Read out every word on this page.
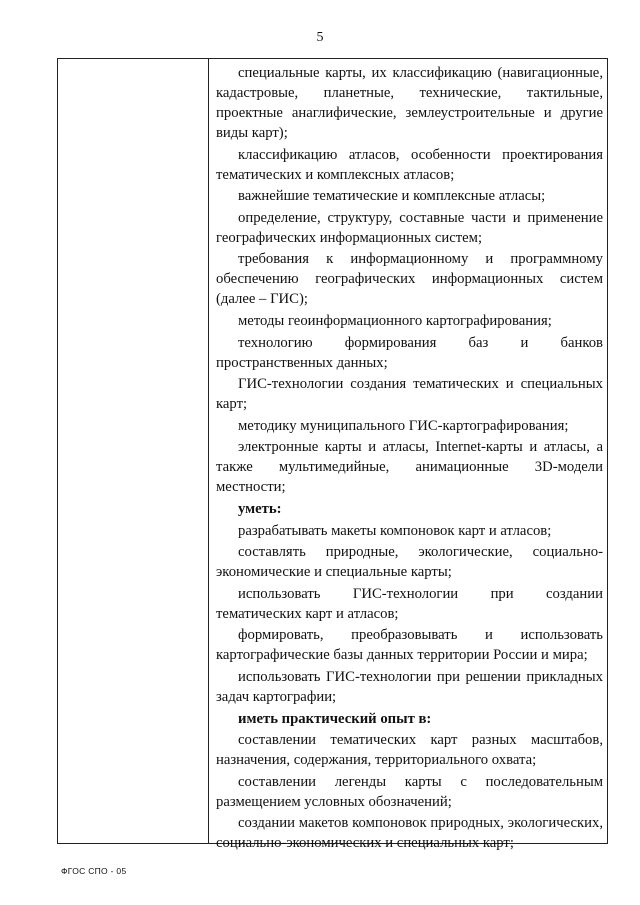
5

специальные карты, их классификацию (навигационные, кадастровые, планетные, технические, тактильные, проектные анаглифические, землеустроительные и другие виды карт);

классификацию атласов, особенности проектирования тематических и комплексных атласов;

важнейшие тематические и комплексные атласы;

определение, структуру, составные части и применение географических информационных систем;

требования к информационному и программному обеспечению географических информационных систем (далее – ГИС);

методы геоинформационного картографирования;

технологию формирования баз и банков пространственных данных;

ГИС-технологии создания тематических и специальных карт;

методику муниципального ГИС-картографирования;

электронные карты и атласы, Internet-карты и атласы, а также мультимедийные, анимационные 3D-модели местности;

уметь:

разрабатывать макеты компоновок карт и атласов;

составлять природные, экологические, социально-экономические и специальные карты;

использовать ГИС-технологии при создании тематических карт и атласов;

формировать, преобразовывать и использовать картографические базы данных территории России и мира;

использовать ГИС-технологии при решении прикладных задач картографии;

иметь практический опыт в:

составлении тематических карт разных масштабов, назначения, содержания, территориального охвата;

составлении легенды карты с последовательным размещением условных обозначений;

создании макетов компоновок природных, экологических, социально-экономических и специальных карт;

ФГОС СПО - 05
